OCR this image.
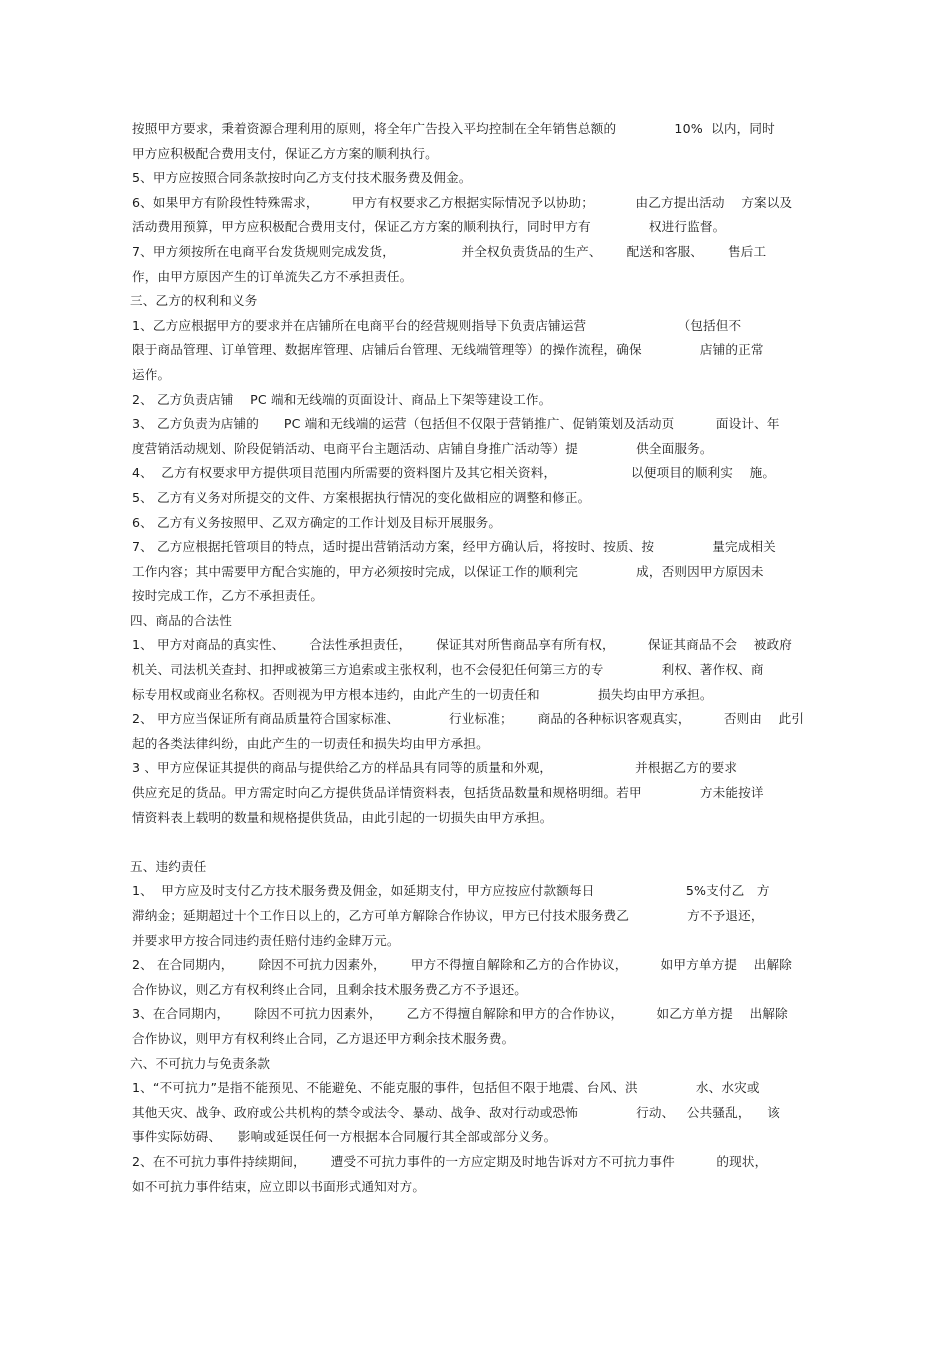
按照甲方要求，秉着资源合理利用的原则，将全年广告投入平均控制在全年销售总额的              10%  以内，同时
甲方应积极配合费用支付，保证乙方方案的顺利执行。
5、甲方应按照合同条款按时向乙方支付技术服务费及佣金。
6、如果甲方有阶段性特殊需求，        甲方有权要求乙方根据实际情况予以协助；          由乙方提出活动    方案以及
活动费用预算，甲方应积极配合费用支付，保证乙方方案的顺利执行，同时甲方有              权进行监督。
7、甲方须按所在电商平台发货规则完成发货，                并全权负责货品的生产、      配送和客服、      售后工
作，由甲方原因产生的订单流失乙方不承担责任。
三、乙方的权利和义务
1、乙方应根据甲方的要求并在店铺所在电商平台的经营规则指导下负责店铺运营                      （包括但不
限于商品管理、订单管理、数据库管理、店铺后台管理、无线端管理等）的操作流程，确保              店铺的正常
运作。
2、 乙方负责店铺    PC 端和无线端的页面设计、商品上下架等建设工作。
3、 乙方负责为店铺的      PC 端和无线端的运营（包括但不仅限于营销推广、促销策划及活动页          面设计、年
度营销活动规划、阶段促销活动、电商平台主题活动、店铺自身推广活动等）提              供全面服务。
4、  乙方有权要求甲方提供项目范围内所需要的资料图片及其它相关资料，                  以便项目的顺利实    施。
5、 乙方有义务对所提交的文件、方案根据执行情况的变化做相应的调整和修正。
6、 乙方有义务按照甲、乙双方确定的工作计划及目标开展服务。
7、 乙方应根据托管项目的特点，适时提出营销活动方案，经甲方确认后，将按时、按质、按              量完成相关
工作内容；其中需要甲方配合实施的，甲方必须按时完成，以保证工作的顺利完              成，否则因甲方原因未
按时完成工作，乙方不承担责任。
四、商品的合法性
1、 甲方对商品的真实性、      合法性承担责任，      保证其对所售商品享有所有权，        保证其商品不会    被政府
机关、司法机关查封、扣押或被第三方追索或主张权利，也不会侵犯任何第三方的专              利权、著作权、商
标专用权或商业名称权。否则视为甲方根本违约，由此产生的一切责任和              损失均由甲方承担。
2、 甲方应当保证所有商品质量符合国家标准、            行业标准；      商品的各种标识客观真实，        否则由    此引
起的各类法律纠纷，由此产生的一切责任和损失均由甲方承担。
3 、甲方应保证其提供的商品与提供给乙方的样品具有同等的质量和外观，                    并根据乙方的要求
供应充足的货品。甲方需定时向乙方提供货品详情资料表，包括货品数量和规格明细。若甲              方未能按详
情资料表上载明的数量和规格提供货品，由此引起的一切损失由甲方承担。
五、违约责任
1、  甲方应及时支付乙方技术服务费及佣金，如延期支付，甲方应按应付款额每日                      5%支付乙   方
滞纳金；延期超过十个工作日以上的，乙方可单方解除合作协议，甲方已付技术服务费乙              方不予退还，
并要求甲方按合同违约责任赔付违约金肆万元。
2、 在合同期内，      除因不可抗力因素外，      甲方不得擅自解除和乙方的合作协议，        如甲方单方提    出解除
合作协议，则乙方有权利终止合同，且剩余技术服务费乙方不予退还。
3、在合同期内，      除因不可抗力因素外，      乙方不得擅自解除和甲方的合作协议，        如乙方单方提    出解除
合作协议，则甲方有权利终止合同，乙方退还甲方剩余技术服务费。
六、不可抗力与免责条款
1、“不可抗力”是指不能预见、不能避免、不能克服的事件，包括但不限于地震、台风、洪              水、水灾或
其他天灾、战争、政府或公共机构的禁令或法令、暴动、战争、敌对行动或恐怖              行动、   公共骚乱，    该
事件实际妨碍、    影响或延误任何一方根据本合同履行其全部或部分义务。
2、在不可抗力事件持续期间，      遭受不可抗力事件的一方应定期及时地告诉对方不可抗力事件          的现状，
如不可抗力事件结束，应立即以书面形式通知对方。
